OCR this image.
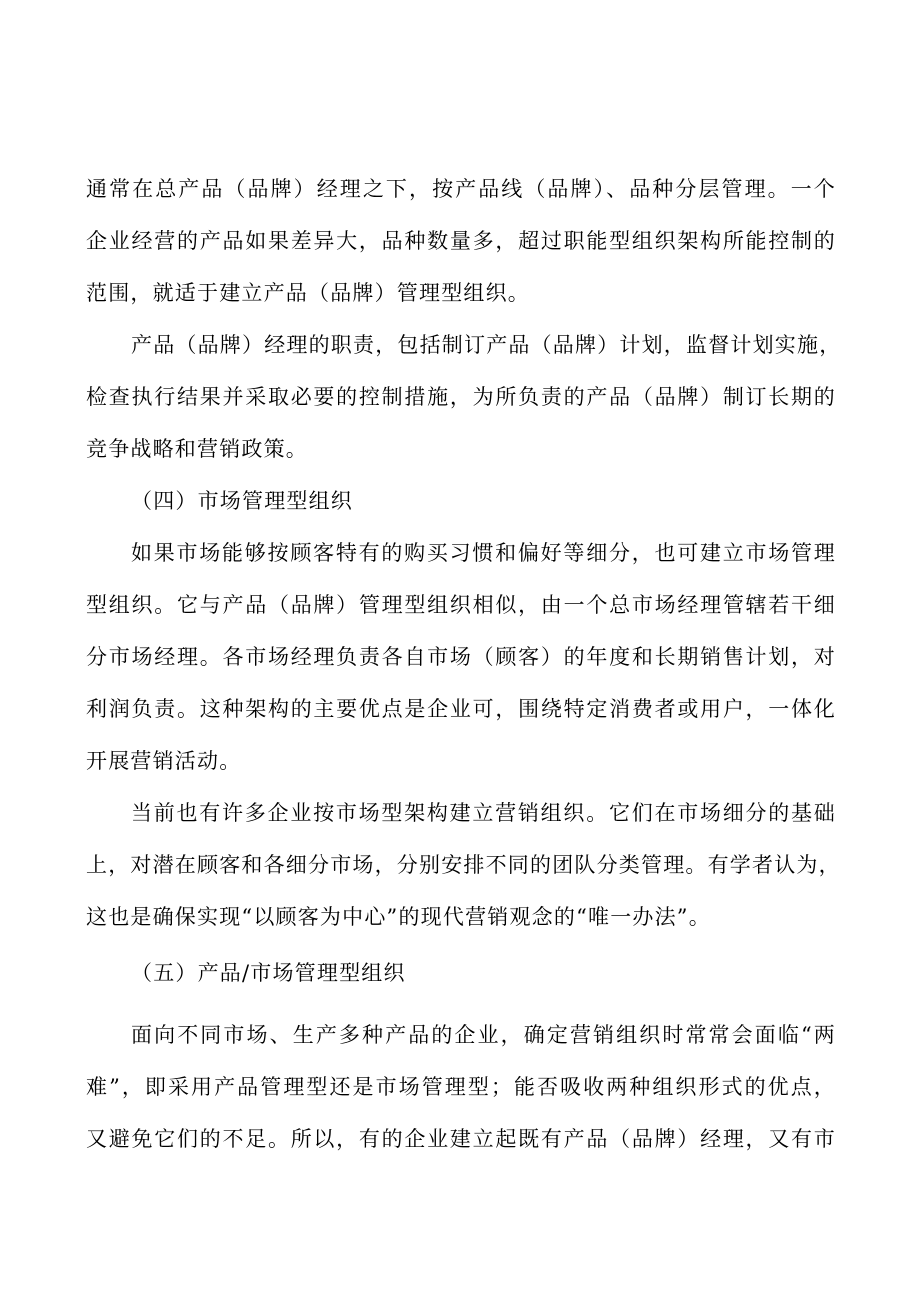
通常在总产品（品牌）经理之下，按产品线（品牌）、品种分层管理。一个
企业经营的产品如果差异大，品种数量多，超过职能型组织架构所能控制的
范围，就适于建立产品（品牌）管理型组织。
产品（品牌）经理的职责，包括制订产品（品牌）计划，监督计划实施，
检查执行结果并采取必要的控制措施，为所负责的产品（品牌）制订长期的
竞争战略和营销政策。
（四）市场管理型组织
如果市场能够按顾客特有的购买习惯和偏好等细分，也可建立市场管理
型组织。它与产品（品牌）管理型组织相似，由一个总市场经理管辖若干细
分市场经理。各市场经理负责各自市场（顾客）的年度和长期销售计划，对
利润负责。这种架构的主要优点是企业可，围绕特定消费者或用户，一体化
开展营销活动。
当前也有许多企业按市场型架构建立营销组织。它们在市场细分的基础
上，对潜在顾客和各细分市场，分别安排不同的团队分类管理。有学者认为，
这也是确保实现“以顾客为中心”的现代营销观念的“唯一办法”。
（五）产品/市场管理型组织
面向不同市场、生产多种产品的企业，确定营销组织时常常会面临“两
难”，即采用产品管理型还是市场管理型；能否吸收两种组织形式的优点，
又避免它们的不足。所以，有的企业建立起既有产品（品牌）经理，又有市
